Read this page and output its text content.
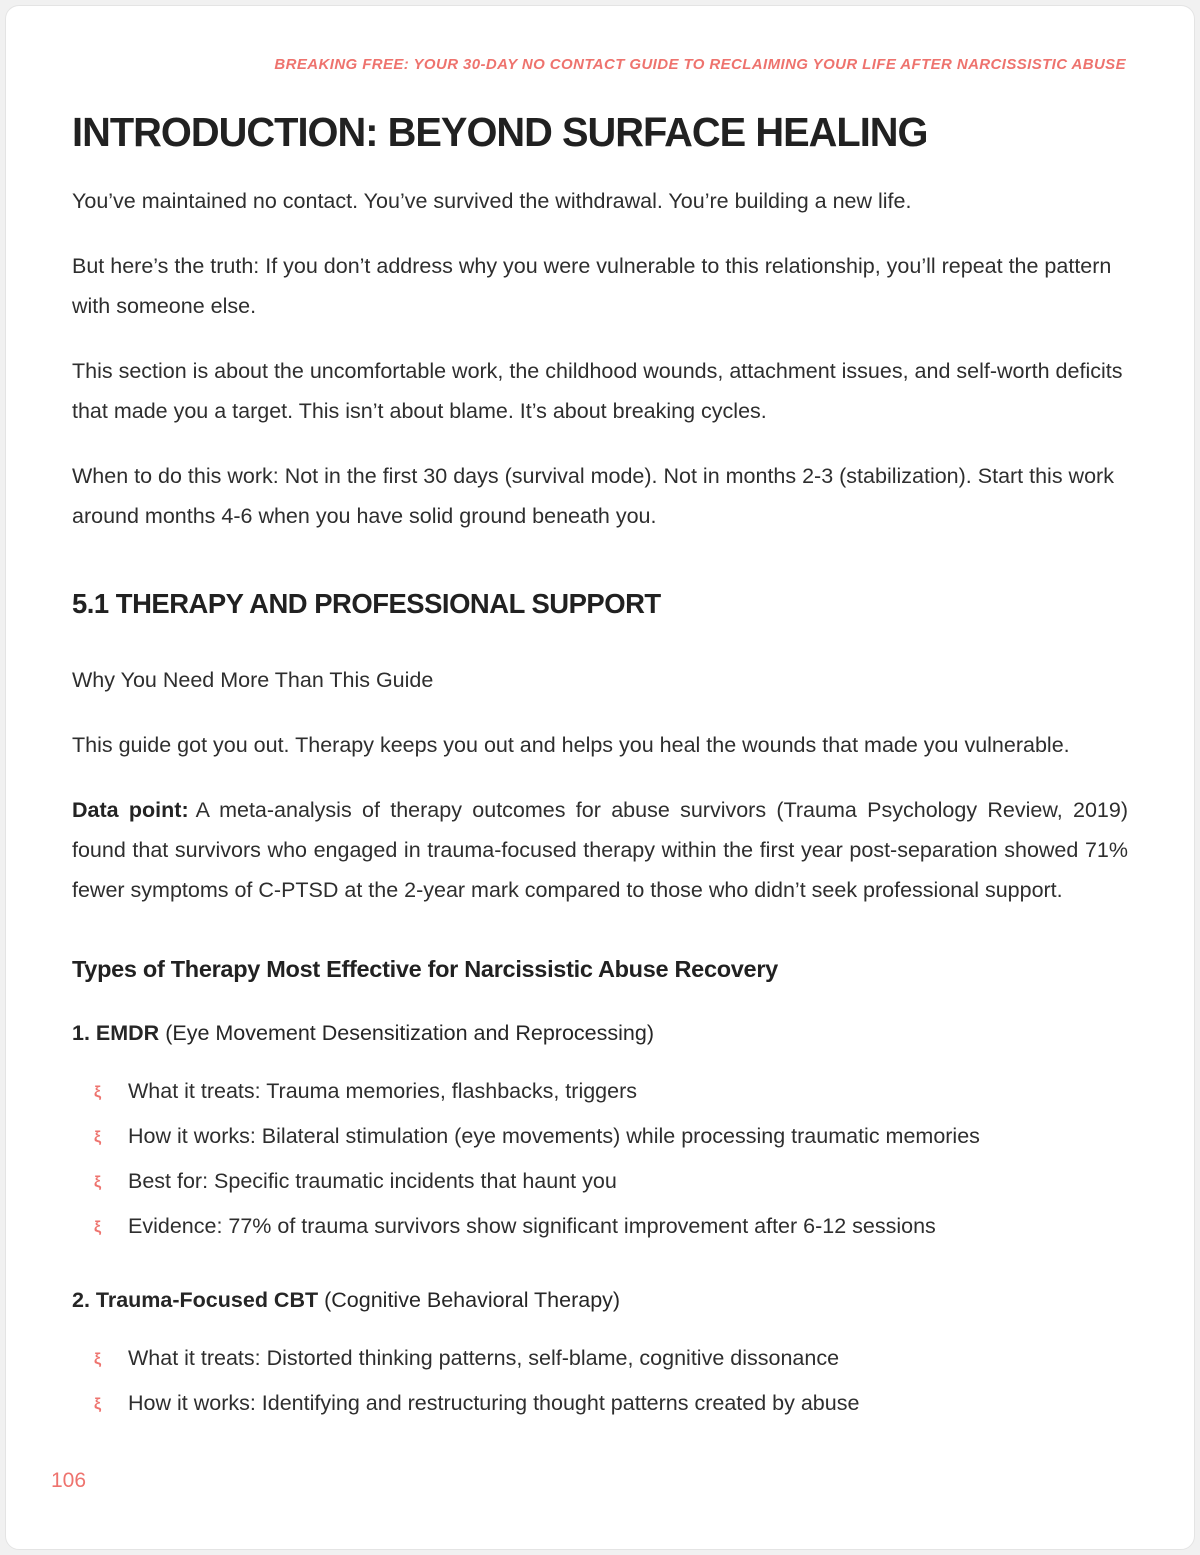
BREAKING FREE: YOUR 30-DAY NO CONTACT GUIDE TO RECLAIMING YOUR LIFE AFTER NARCISSISTIC ABUSE
INTRODUCTION: BEYOND SURFACE HEALING

You’ve maintained no contact. You’ve survived the withdrawal. You’re building a new life.

But here’s the truth: If you don’t address why you were vulnerable to this relationship, you’ll repeat the pattern with someone else.

This section is about the uncomfortable work, the childhood wounds, attachment issues, and self-worth deficits that made you a target. This isn’t about blame. It’s about breaking cycles.

When to do this work: Not in the first 30 days (survival mode). Not in months 2-3 (stabilization). Start this work around months 4-6 when you have solid ground beneath you.

5.1 THERAPY AND PROFESSIONAL SUPPORT

Why You Need More Than This Guide

This guide got you out. Therapy keeps you out and helps you heal the wounds that made you vulnerable.

Data point: A meta-analysis of therapy outcomes for abuse survivors (Trauma Psychology Review, 2019) found that survivors who engaged in trauma-focused therapy within the first year post-separation showed 71% fewer symptoms of C-PTSD at the 2-year mark compared to those who didn’t seek professional support.

Types of Therapy Most Effective for Narcissistic Abuse Recovery
1. EMDR (Eye Movement Desensitization and Reprocessing)
ξ	What it treats: Trauma memories, flashbacks, triggers
ξ	How it works: Bilateral stimulation (eye movements) while processing traumatic memories
ξ	Best for: Specific traumatic incidents that haunt you
ξ	Evidence: 77% of trauma survivors show significant improvement after 6-12 sessions
2. Trauma-Focused CBT (Cognitive Behavioral Therapy)
ξ	What it treats: Distorted thinking patterns, self-blame, cognitive dissonance
ξ	How it works: Identifying and restructuring thought patterns created by abuse
106
